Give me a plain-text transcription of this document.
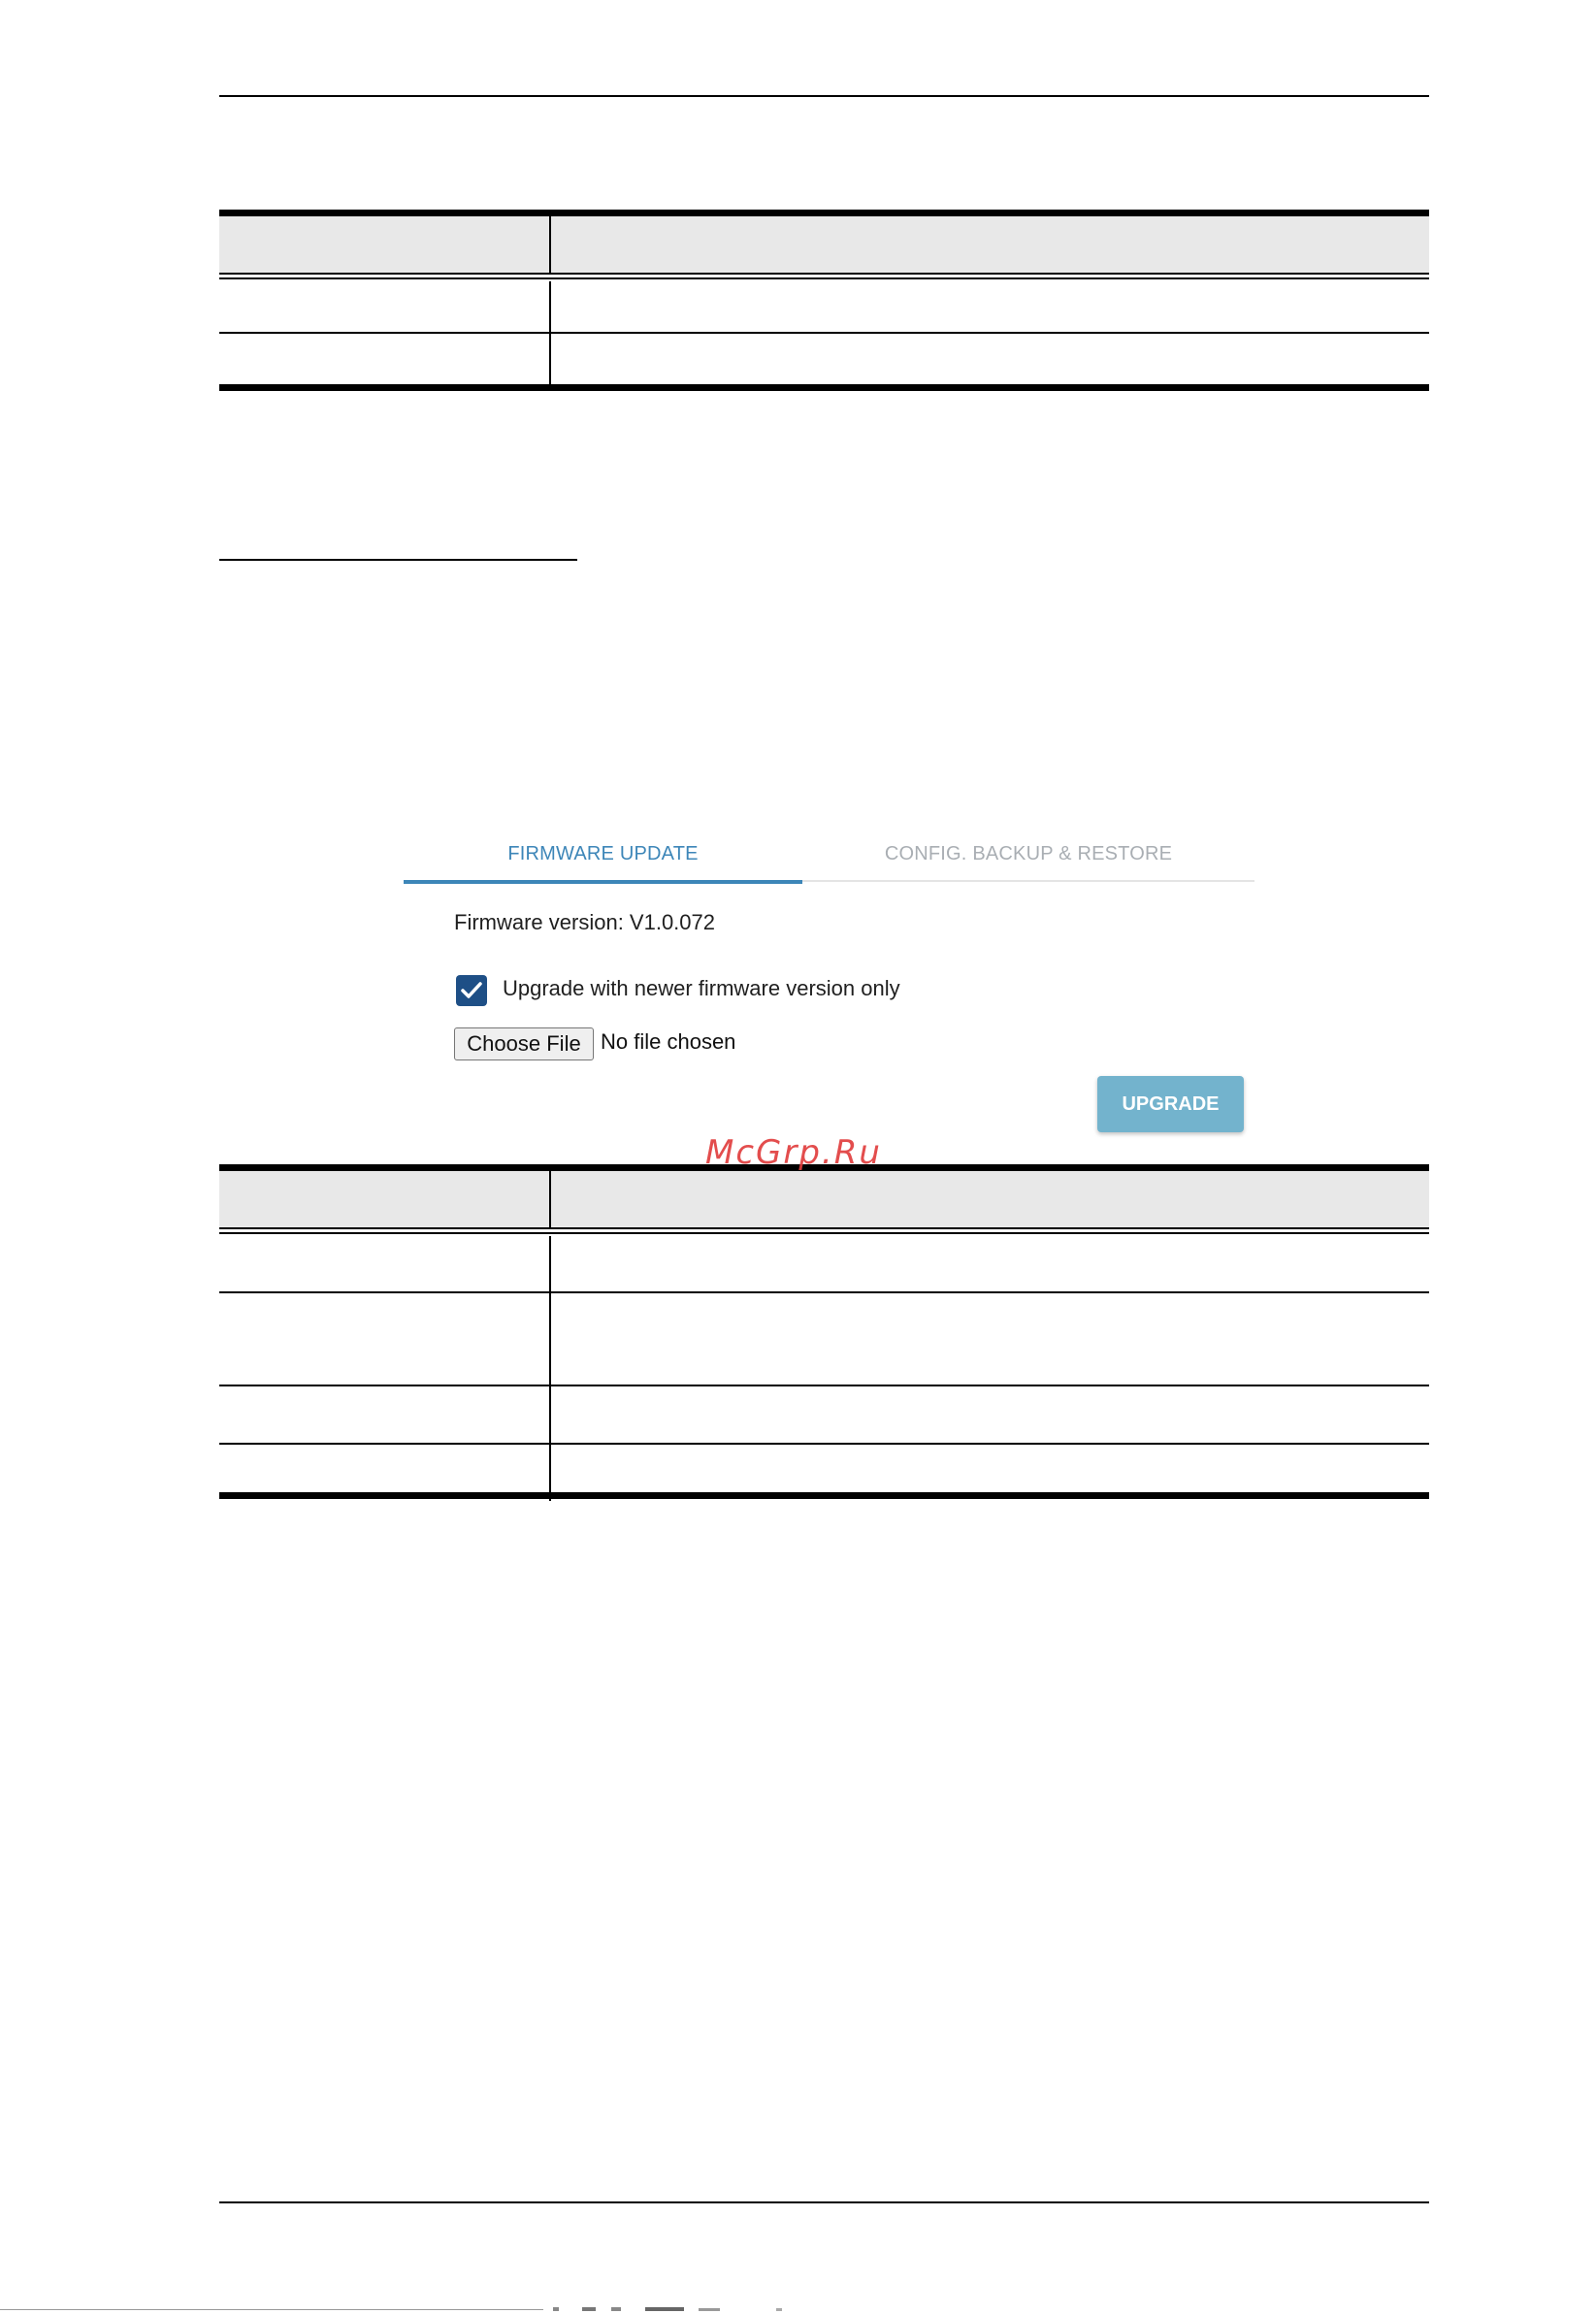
FIRMWARE UPDATE	CONFIG. BACKUP & RESTORE
Firmware version: V1.0.072
Upgrade with newer firmware version only
Choose File No file chosen
UPGRADE
McGrp.Ru
